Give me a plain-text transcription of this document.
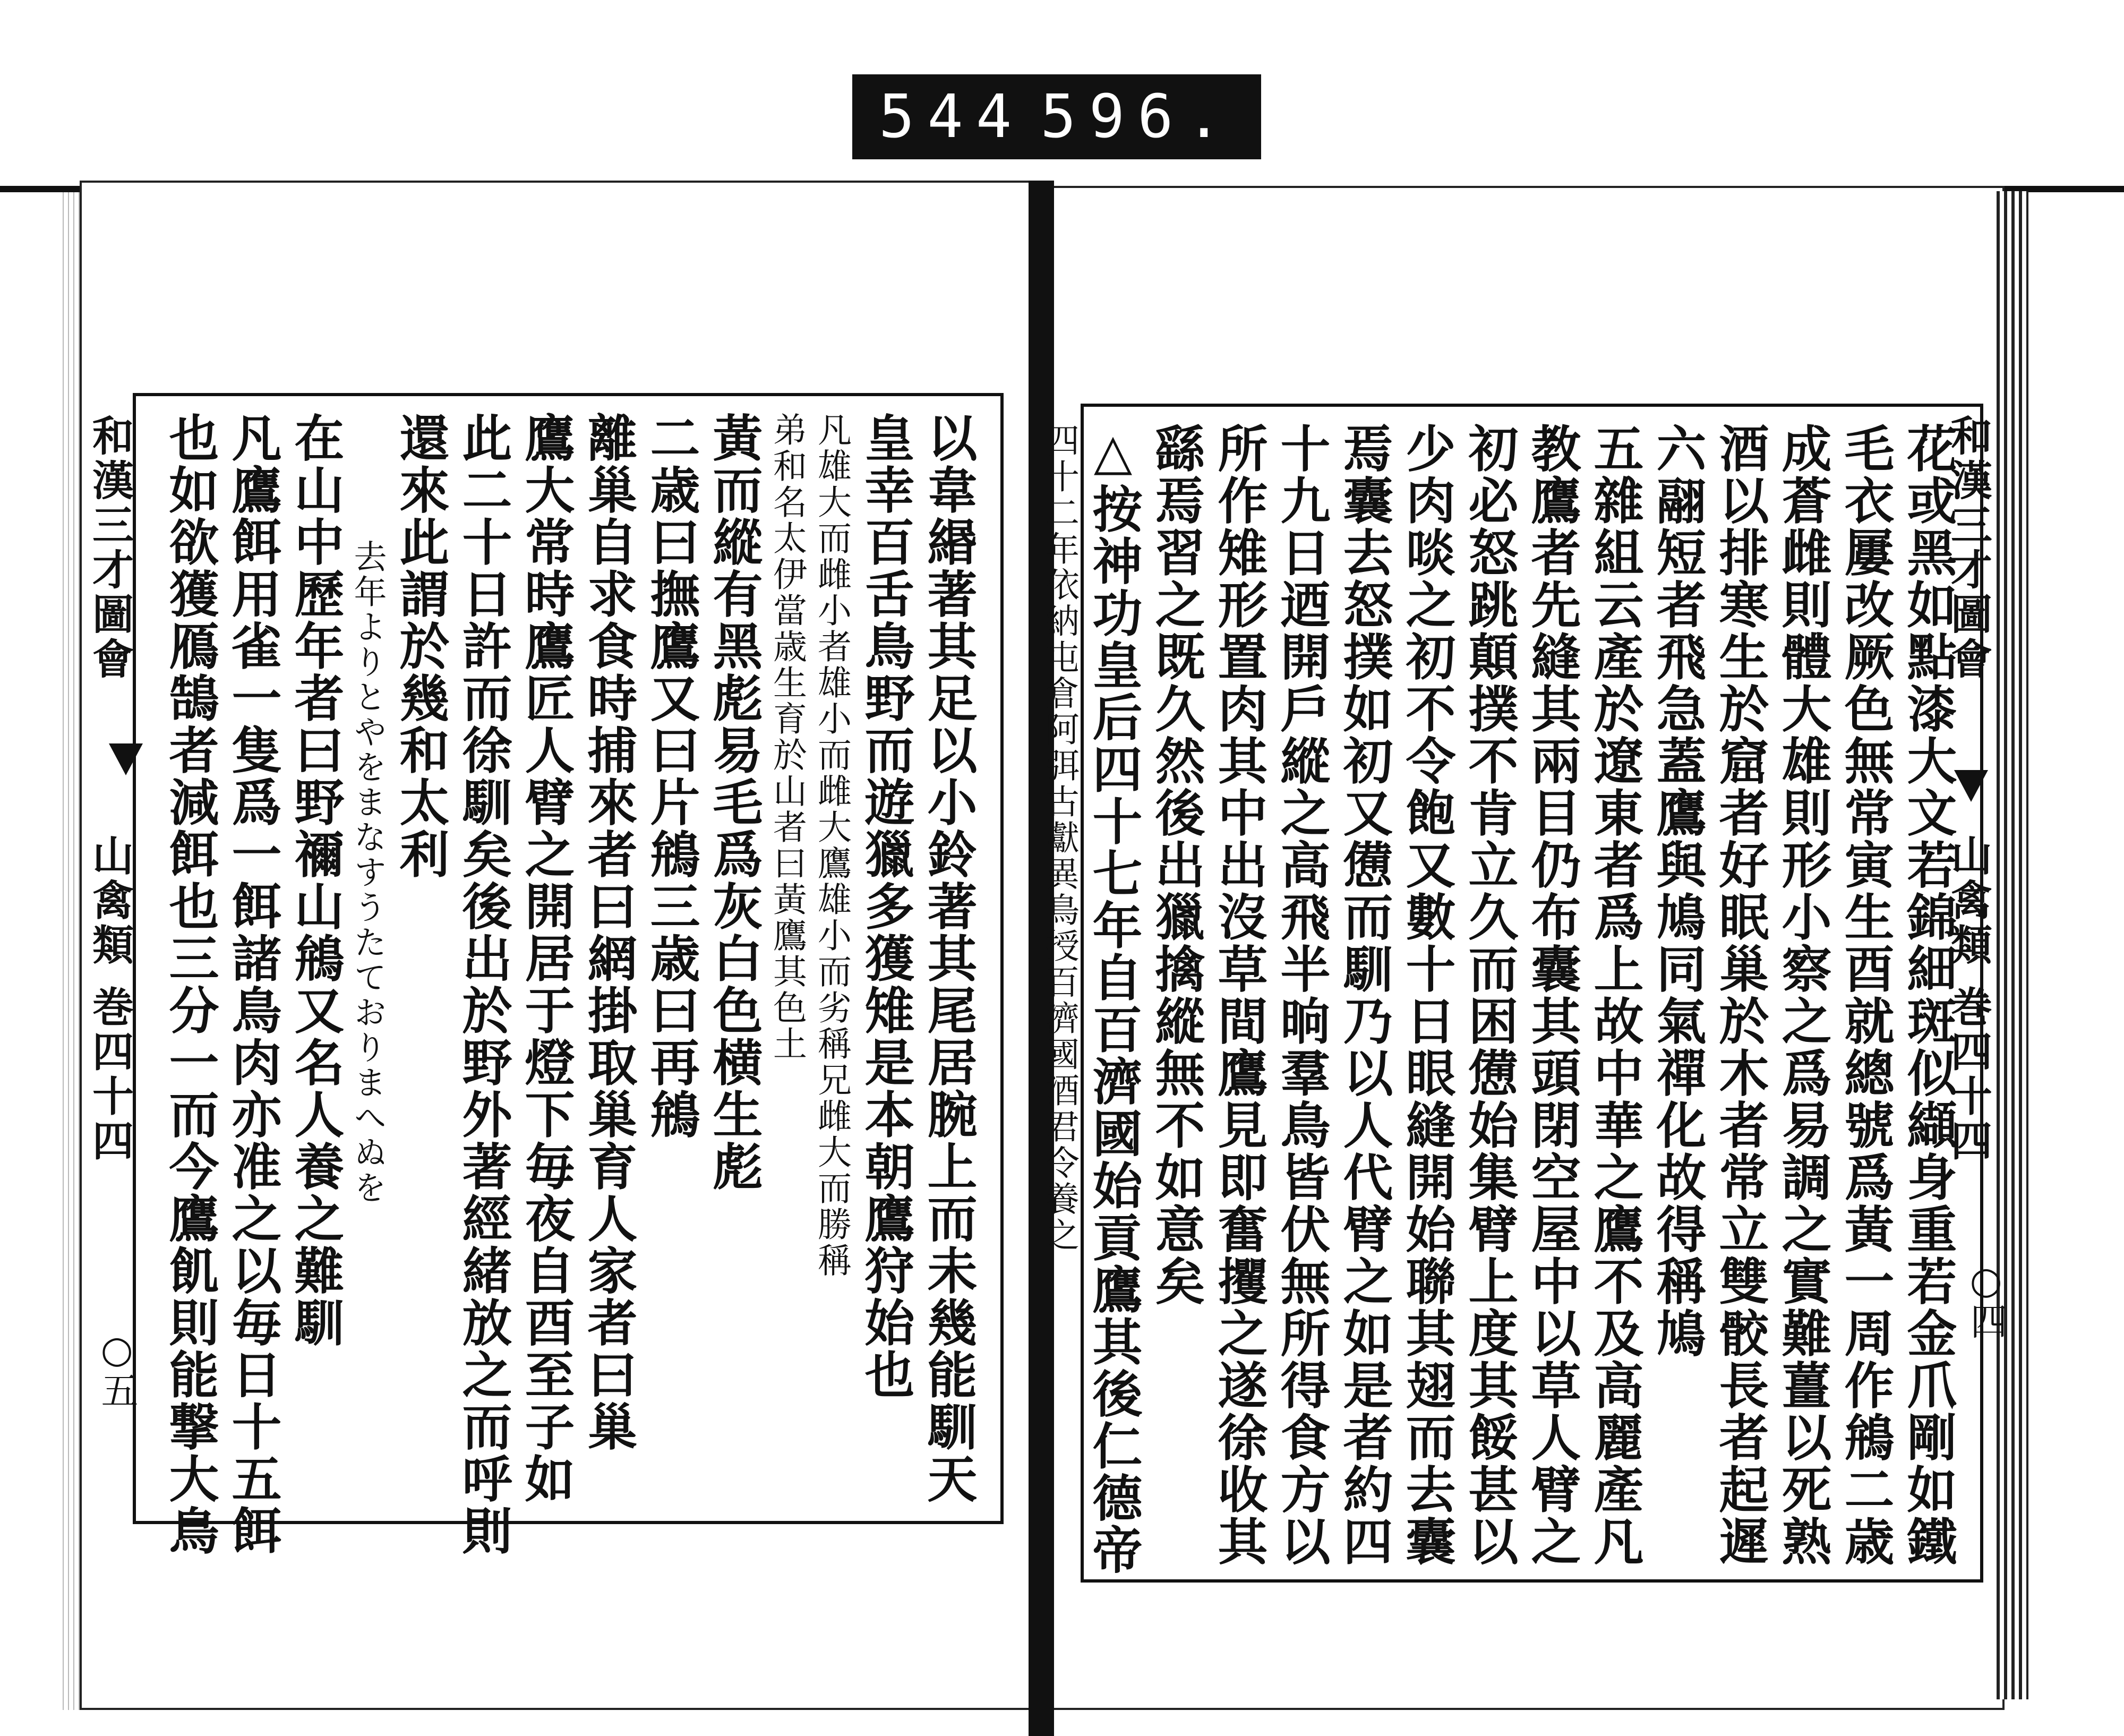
544 596.
和漢三才圖會  山禽類 巻四十四
○五
和漢三才圖會  山禽類 巻四十四
○四

以韋緡著其足以小鈴著其尾居腕上而未幾能馴天

皇幸百舌鳥野而遊獵多獲雉是本朝鷹狩始也

凡雄大而雌小者雄小而雌大鷹雄小而劣稱兄雌大而勝稱

弟和名太伊當歳生育於山者曰黃鷹其色土

黃而縱有黑彪易毛爲灰白色横生彪

二歳曰撫鷹又曰片鴘三歳曰再鴘

離巢自求食時捕來者曰網掛取巢育人家者曰巢

鷹大常時鷹匠人臂之開居于燈下毎夜自酉至子如

此二十日許而徐馴矣後出於野外著經緒放之而呼則

還來此謂於幾和太利

去年よりとやをまなすうたておりまへぬを

在山中歷年者曰野禰山鴘又名人養之難馴

凡鷹餌用雀一隻爲一餌諸鳥肉亦准之以毎日十五餌

也如欲獲鴈鵠者減餌也三分一而今鷹飢則能撃大鳥	花或黑如點漆大文若錦細斑似纈身重若金爪剛如鐵

毛衣屢改厥色無常寅生酉就總號爲黃一周作鴘二歳

成蒼雌則體大雄則形小察之爲易調之實難薑以死熟

酒以排寒生於窟者好眠巢於木者常立雙骹長者起遲

六翮短者飛急蓋鷹與鳩同氣禪化故得稱鳩

五雜組云產於遼東者爲上故中華之鷹不及高麗產凡

教鷹者先縫其兩目仍布囊其頭閉空屋中以草人臂之

初必怒跳顛撲不肯立久而困憊始集臂上度其餒甚以

少肉啖之初不令飽又數十日眼縫開始聯其翅而去囊

焉囊去怒撲如初又憊而馴乃以人代臂之如是者約四

十九日迺開戶縱之高飛半晌羣鳥皆伏無所得食方以

所作雉形置肉其中出沒草間鷹見即奮攫之遂徐收其

繇焉習之既久然後出獵擒縱無不如意矣

△按神功皇后四十七年自百濟國始貢鷹其後仁德帝

四十二年依納屯倉阿弭古獻異鳥授百濟國酒君令養之
